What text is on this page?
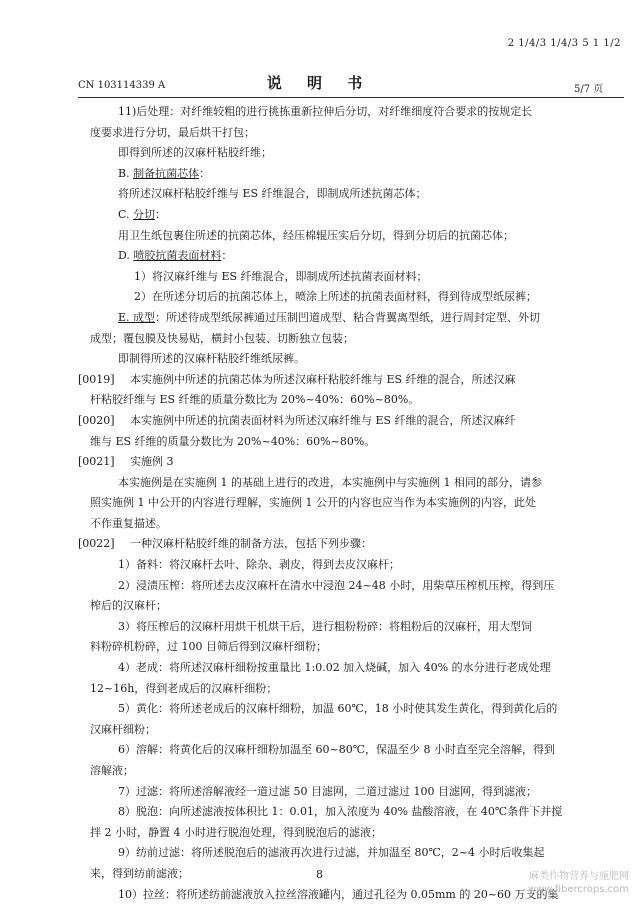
2 1/4/3 1/4/3 5 1 1/2
CN 103114339 A	说 明 书	5/7 页
11)后处理：对纤维较粗的进行挑拣重新拉伸后分切，对纤维细度符合要求的按规定长
度要求进行分切，最后烘干打包；
即得到所述的汉麻杆粘胶纤维；
B. 制备抗菌芯体：
将所述汉麻杆粘胶纤维与 ES 纤维混合，即制成所述抗菌芯体；
C. 分切：
用卫生纸包裹住所述的抗菌芯体，经压棉辊压实后分切，得到分切后的抗菌芯体；
D. 喷胶抗菌表面材料：
1）将汉麻纤维与 ES 纤维混合，即制成所述抗菌表面材料；
2）在所述分切后的抗菌芯体上，喷涂上所述的抗菌表面材料，得到待成型纸尿裤；
E. 成型：所述待成型纸尿裤通过压制凹道成型、粘合背翼离型纸，进行周封定型、外切
成型；覆包膜及快易贴，横封小包装、切断独立包装；
即制得所述的汉麻杆粘胶纤维纸尿裤。
[0019] 本实施例中所述的抗菌芯体为所述汉麻杆粘胶纤维与 ES 纤维的混合，所述汉麻
杆粘胶纤维与 ES 纤维的质量分数比为 20%~40%：60%~80%。
[0020] 本实施例中所述的抗菌表面材料为所述汉麻纤维与 ES 纤维的混合，所述汉麻纤
维与 ES 纤维的质量分数比为 20%~40%：60%~80%。
[0021] 实施例 3
本实施例是在实施例 1 的基础上进行的改进，本实施例中与实施例 1 相同的部分，请参
照实施例 1 中公开的内容进行理解，实施例 1 公开的内容也应当作为本实施例的内容，此处
不作重复描述。
[0022] 一种汉麻杆粘胶纤维的制备方法，包括下列步骤：
1）备料：将汉麻杆去叶、除杂、剥皮，得到去皮汉麻杆；
2）浸渍压榨：将所述去皮汉麻杆在清水中浸泡 24~48 小时，用柴草压榨机压榨，得到压
榨后的汉麻杆；
3）将压榨后的汉麻杆用烘干机烘干后，进行粗粉粉碎：将粗粉后的汉麻杆，用大型饲
料粉碎机粉碎，过 100 目筛后得到汉麻杆细粉；
4）老成：将所述汉麻杆细粉按重量比 1:0.02 加入烧碱，加入 40% 的水分进行老成处理
12~16h，得到老成后的汉麻杆细粉；
5）黄化：将所述老成后的汉麻杆细粉，加温 60℃，18 小时使其发生黄化，得到黄化后的
汉麻杆细粉；
6）溶解：将黄化后的汉麻杆细粉加温至 60~80℃，保温至少 8 小时直至完全溶解，得到
溶解液；
7）过滤：将所述溶解液经一道过滤 50 目滤网，二道过滤过 100 目滤网，得到滤液；
8）脱泡：向所述滤液按体积比 1：0.01，加入浓度为 40% 盐酸溶液，在 40℃条件下并搅
拌 2 小时，静置 4 小时进行脱泡处理，得到脱泡后的滤液；
9）纺前过滤：将所述脱泡后的滤液再次进行过滤，并加温至 80℃，2~4 小时后收集起
来，得到纺前滤液；
10）拉丝：将所述纺前滤液放入拉丝溶液罐内，通过孔径为 0.05mm 的 20~60 万支的集
8	麻类作物营养与施肥网
www.fibercrops.com
